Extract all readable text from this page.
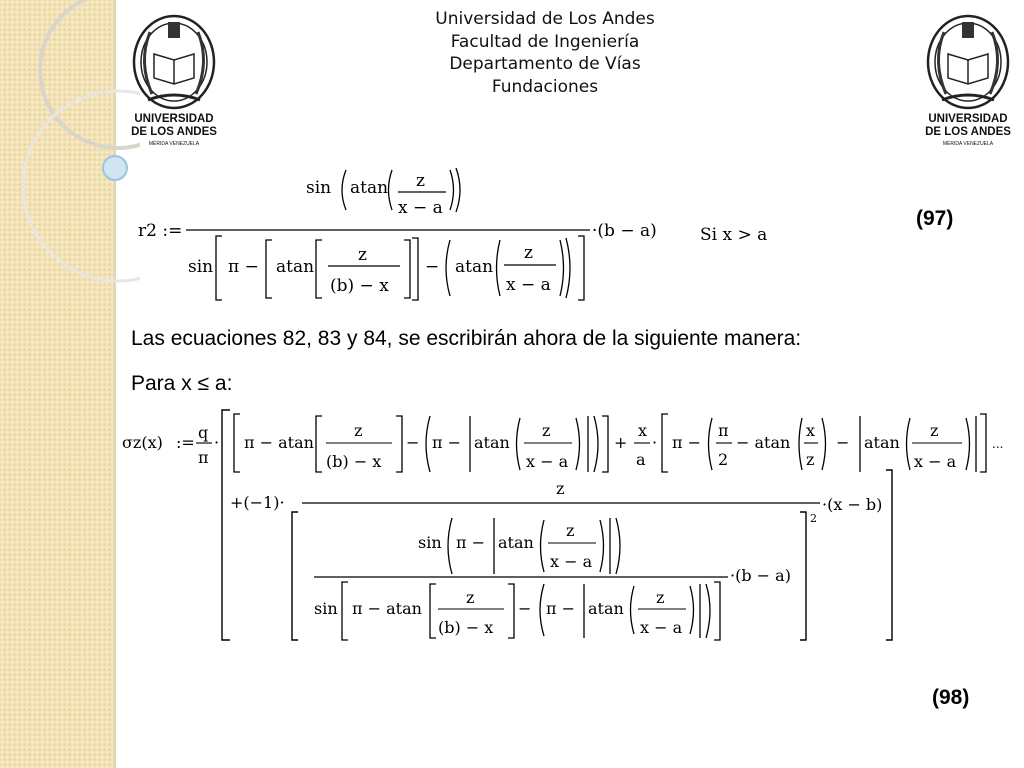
Universidad de Los Andes
Facultad de Ingeniería
Departamento de Vías
Fundaciones
UNIVERSIDAD
DE LOS ANDES
MÉRIDA VENEZUELA
UNIVERSIDAD
DE LOS ANDES
MÉRIDA VENEZUELA
r2 :=
sin atan z
x − a
·(b − a)	Si x > a
sin π − atan
z
(b) − x
− atan
z
x − a
(97)
Las ecuaciones 82, 83 y 84, se escribirán ahora de la siguiente manera:
Para x ≤ a:
σz(x) :=
q
π
· π − atan
z
(b) − x
− π − atan
z
x − a
+
x
a
· π −
π
2
− atan
x
z
− atan
z
x − a
...
+(−1)·
z
·(x − b)
2
sin π − atan
z
x − a
·(b − a)
sin π − atan
z
(b) − x
− π − atan
z
x − a
(98)
